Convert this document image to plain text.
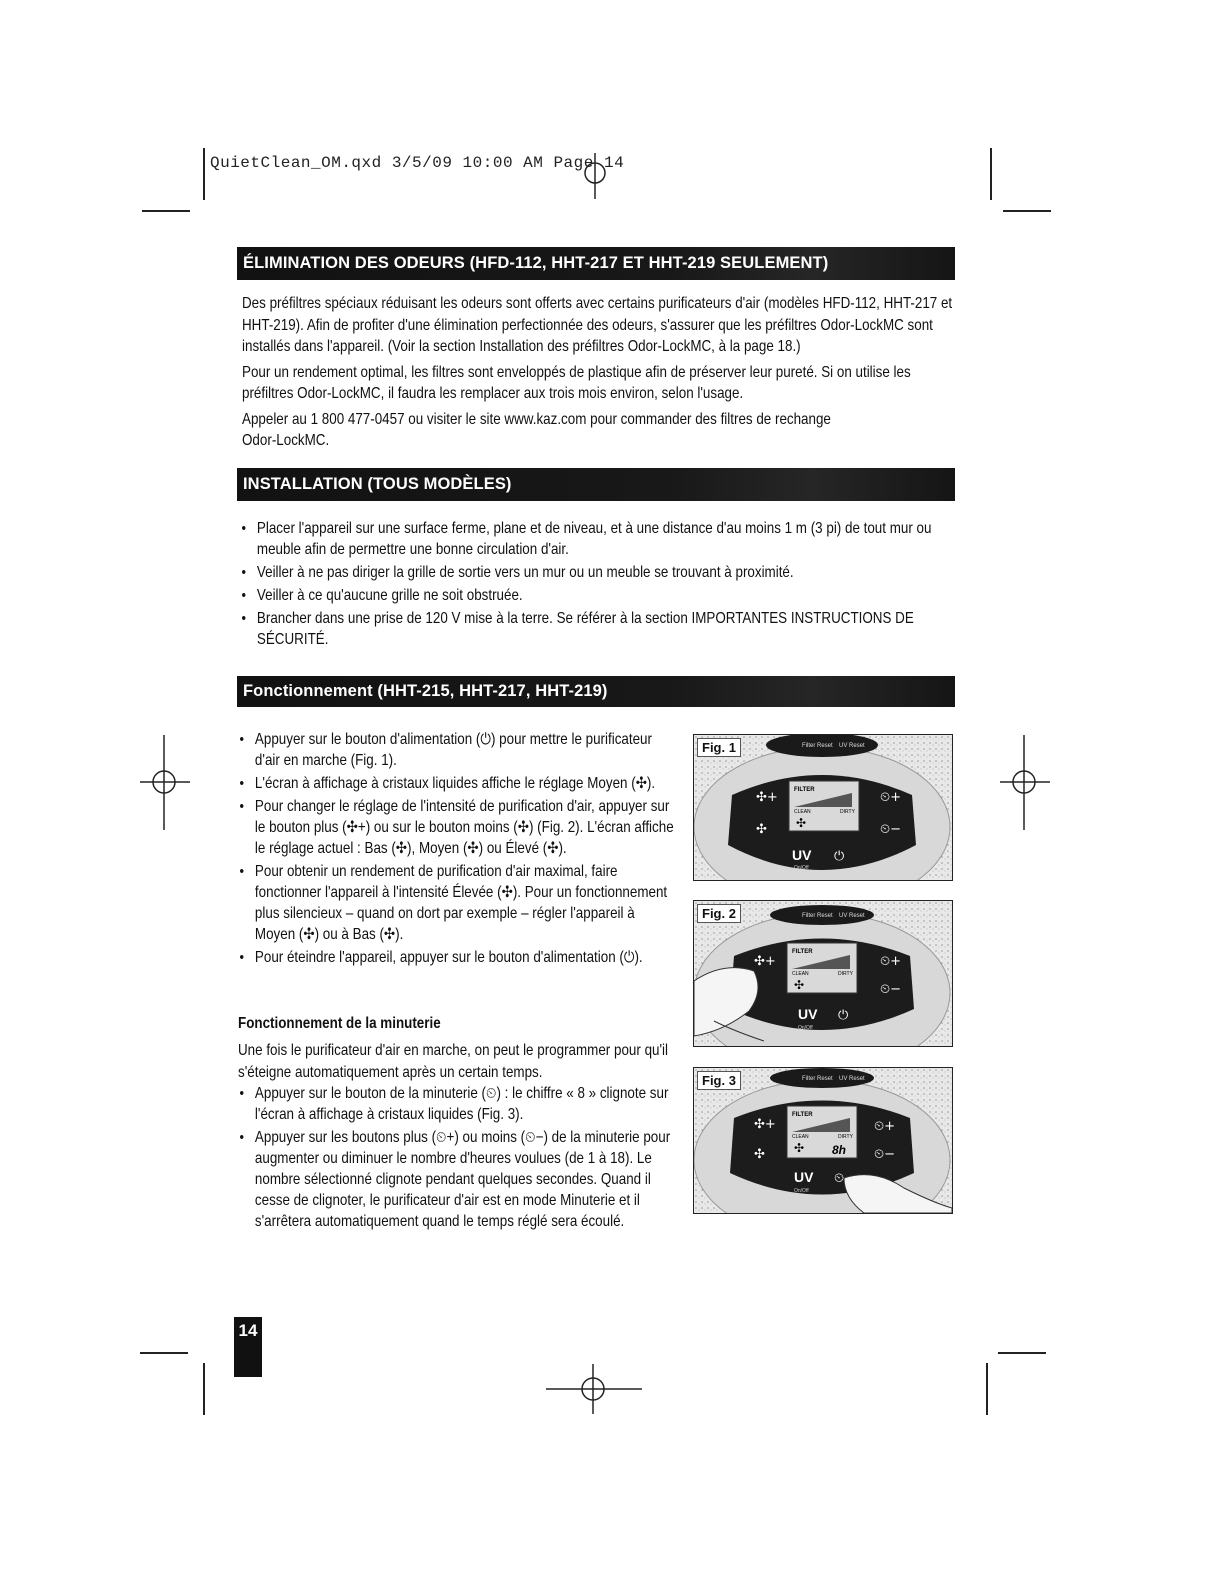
QuietClean_OM.qxd 3/5/09 10:00 AM Page 14
ÉLIMINATION DES ODEURS (HFD-112, HHT-217 ET HHT-219 SEULEMENT)

Des préfiltres spéciaux réduisant les odeurs sont offerts avec certains purificateurs d'air (modèles HFD-112, HHT-217 et HHT-219). Afin de profiter d'une élimination perfectionnée des odeurs, s'assurer que les préfiltres Odor-LockMC sont installés dans l'appareil. (Voir la section Installation des préfiltres Odor-LockMC, à la page 18.)

Pour un rendement optimal, les filtres sont enveloppés de plastique afin de préserver leur pureté. Si on utilise les préfiltres Odor-LockMC, il faudra les remplacer aux trois mois environ, selon l'usage.

Appeler au 1 800 477-0457 ou visiter le site www.kaz.com pour commander des filtres de rechange Odor-LockMC.

INSTALLATION (TOUS MODÈLES)
• Placer l'appareil sur une surface ferme, plane et de niveau, et à une distance d'au moins 1 m (3 pi) de tout mur ou meuble afin de permettre une bonne circulation d'air.
• Veiller à ne pas diriger la grille de sortie vers un mur ou un meuble se trouvant à proximité.
• Veiller à ce qu'aucune grille ne soit obstruée.
• Brancher dans une prise de 120 V mise à la terre. Se référer à la section IMPORTANTES INSTRUCTIONS DE SÉCURITÉ.
Fonctionnement (HHT-215, HHT-217, HHT-219)
• Appuyer sur le bouton d'alimentation (⏻) pour mettre le purificateur d'air en marche (Fig. 1).
• L'écran à affichage à cristaux liquides affiche le réglage Moyen (✣).
• Pour changer le réglage de l'intensité de purification d'air, appuyer sur le bouton plus (✣+) ou sur le bouton moins (✣) (Fig. 2). L'écran affiche le réglage actuel : Bas (✣), Moyen (✣) ou Élevé (✣).
• Pour obtenir un rendement de purification d'air maximal, faire fonctionner l'appareil à l'intensité Élevée (✣). Pour un fonctionnement plus silencieux – quand on dort par exemple – régler l'appareil à Moyen (✣) ou à Bas (✣).
• Pour éteindre l'appareil, appuyer sur le bouton d'alimentation (⏻).
Fonctionnement de la minuterie
Une fois le purificateur d'air en marche, on peut le programmer pour qu'il s'éteigne automatiquement après un certain temps.
• Appuyer sur le bouton de la minuterie (⏲) : le chiffre « 8 » clignote sur l'écran à affichage à cristaux liquides (Fig. 3).
• Appuyer sur les boutons plus (⏲+) ou moins (⏲−) de la minuterie pour augmenter ou diminuer le nombre d'heures voulues (de 1 à 18). Le nombre sélectionné clignote pendant quelques secondes. Quand il cesse de clignoter, le purificateur d'air est en mode Minuterie et il s'arrêtera automatiquement quand le temps réglé sera écoulé.
Fig. 1	Filter Reset UV Reset
FILTER
CLEAN	DIRTY
✣+
✣
⏲+
⏲−
✣
UV ⏻
On/Off
Fig. 2	Filter Reset UV Reset
FILTER
CLEAN	DIRTY
✣+	⏲+
⏲−
✣
UV ⏻
On/Off
Fig. 3	Filter Reset UV Reset
FILTER
CLEAN	DIRTY
8h
✣+
✣
⏲+
⏲−
✣
UV ⏲
On/Off
14
